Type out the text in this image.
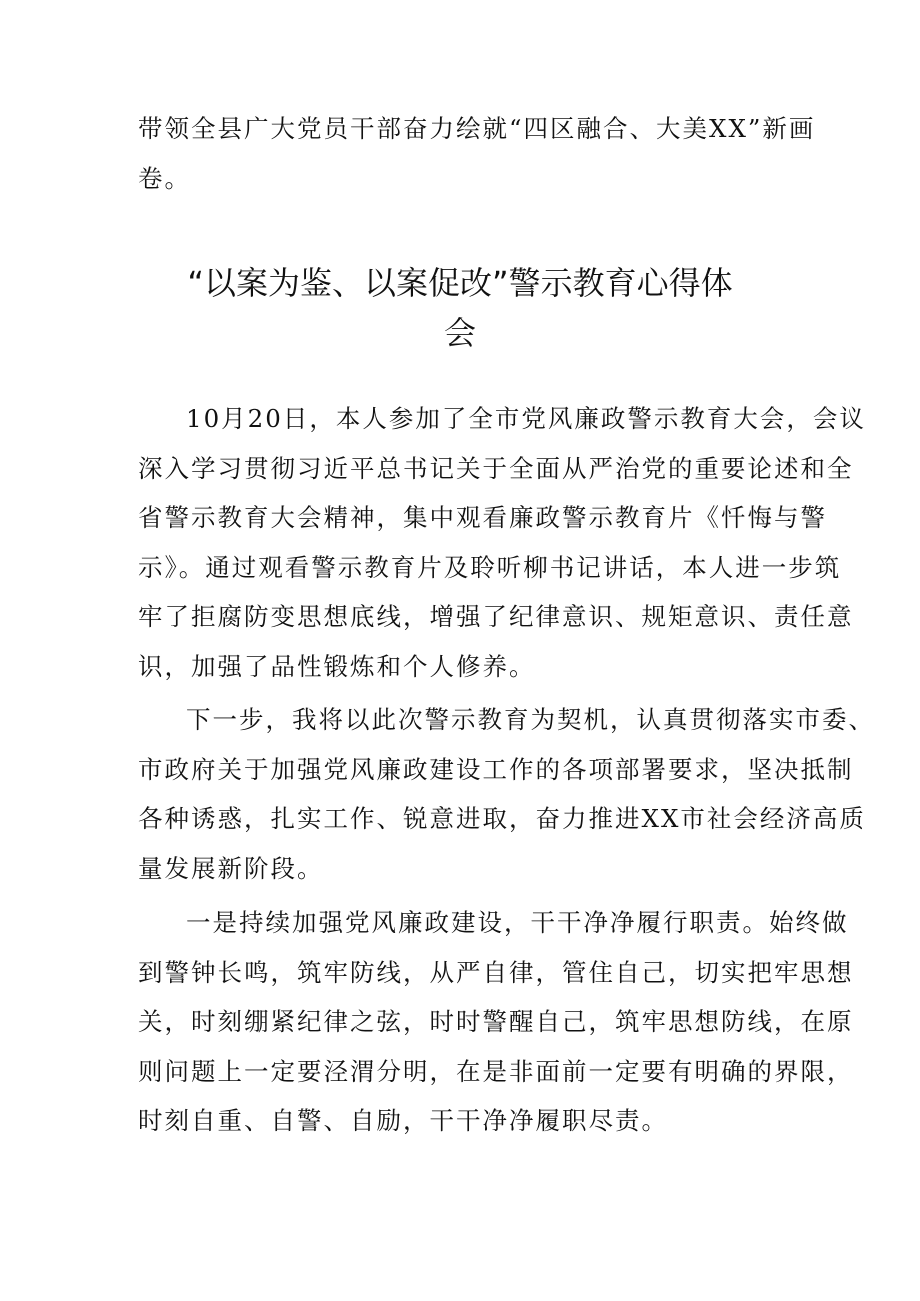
带领全县广大党员干部奋力绘就“四区融合、大美XX”新画
卷。
“以案为鉴、以案促改”警示教育心得体
会
10月20日，本人参加了全市党风廉政警示教育大会，会议
深入学习贯彻习近平总书记关于全面从严治党的重要论述和全
省警示教育大会精神，集中观看廉政警示教育片《忏悔与警
示》。通过观看警示教育片及聆听柳书记讲话，本人进一步筑
牢了拒腐防变思想底线，增强了纪律意识、规矩意识、责任意
识，加强了品性锻炼和个人修养。
下一步，我将以此次警示教育为契机，认真贯彻落实市委、
市政府关于加强党风廉政建设工作的各项部署要求，坚决抵制
各种诱惑，扎实工作、锐意进取，奋力推进XX市社会经济高质
量发展新阶段。
一是持续加强党风廉政建设，干干净净履行职责。始终做
到警钟长鸣，筑牢防线，从严自律，管住自己，切实把牢思想
关，时刻绷紧纪律之弦，时时警醒自己，筑牢思想防线，在原
则问题上一定要泾渭分明，在是非面前一定要有明确的界限，
时刻自重、自警、自励，干干净净履职尽责。
